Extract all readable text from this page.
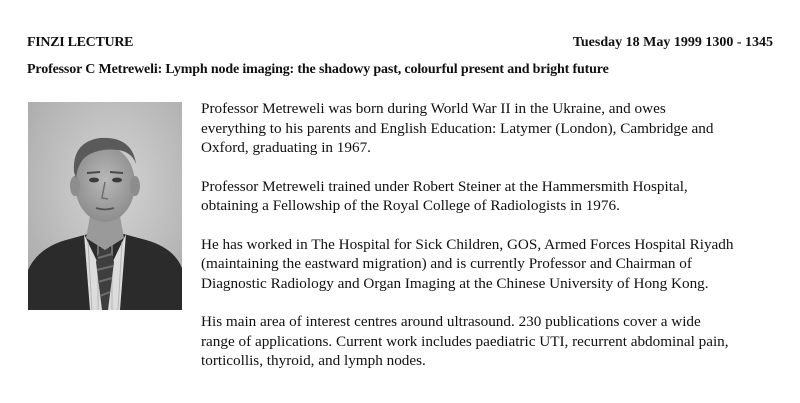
FINZI LECTURE	Tuesday 18 May 1999 1300 - 1345
Professor C Metreweli: Lymph node imaging: the shadowy past, colourful present and bright future

Professor Metreweli was born during World War II in the Ukraine, and owes
everything to his parents and English Education: Latymer (London), Cambridge and
Oxford, graduating in 1967.

Professor Metreweli trained under Robert Steiner at the Hammersmith Hospital,
obtaining a Fellowship of the Royal College of Radiologists in 1976.

He has worked in The Hospital for Sick Children, GOS, Armed Forces Hospital Riyadh
(maintaining the eastward migration) and is currently Professor and Chairman of
Diagnostic Radiology and Organ Imaging at the Chinese University of Hong Kong.

His main area of interest centres around ultrasound. 230 publications cover a wide
range of applications. Current work includes paediatric UTI, recurrent abdominal pain,
torticollis, thyroid, and lymph nodes.
